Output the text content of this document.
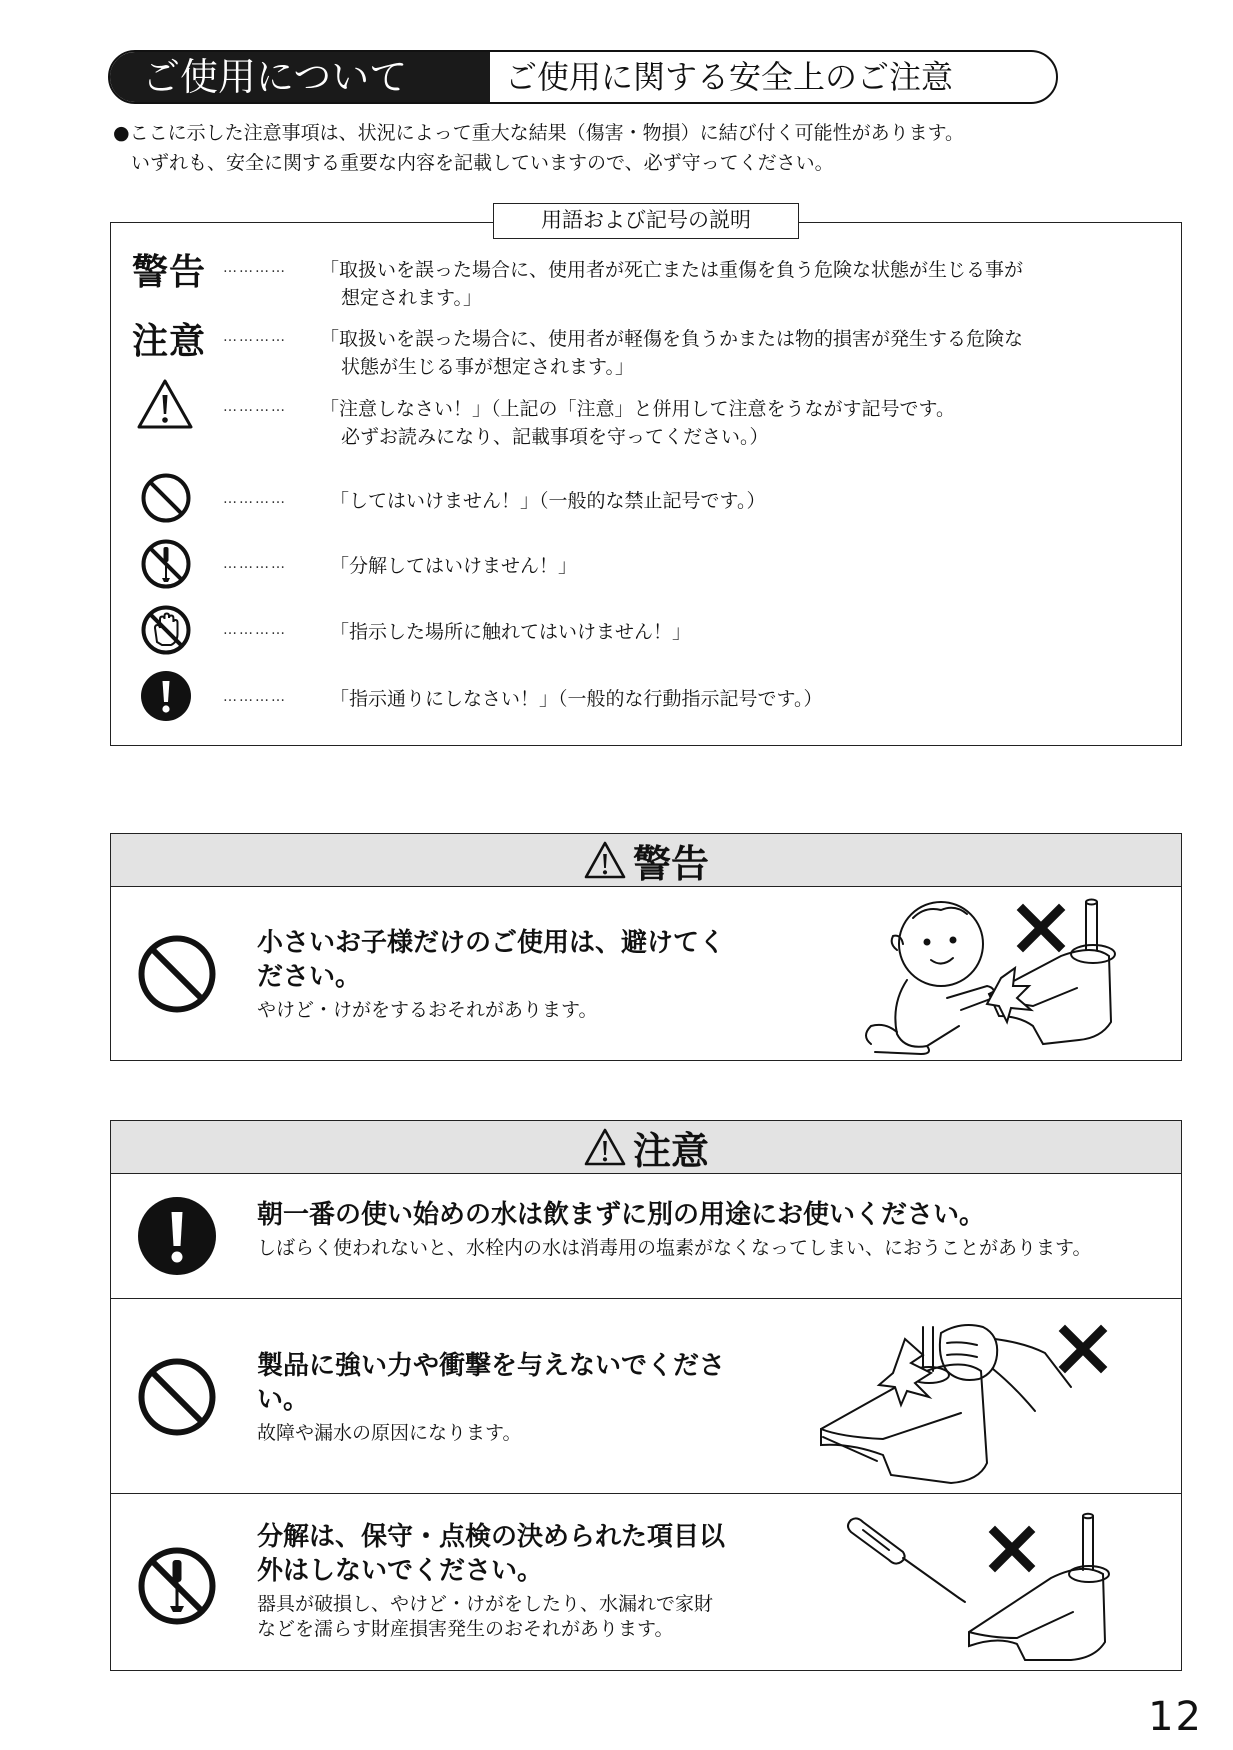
ご使用について	ご使用に関する安全上のご注意
●ここに示した注意事項は、状況によって重大な結果（傷害・物損）に結び付く可能性があります。
いずれも、安全に関する重要な内容を記載していますので、必ず守ってください。
用語および記号の説明
警告 ………… 「取扱いを誤った場合に、使用者が死亡または重傷を負う危険な状態が生じる事が
想定されます。」
注意 ………… 「取扱いを誤った場合に、使用者が軽傷を負うかまたは物的損害が発生する危険な
状態が生じる事が想定されます。」
………… 「注意しなさい！」（上記の「注意」と併用して注意をうながす記号です。
必ずお読みになり、記載事項を守ってください。）
………… 「してはいけません！」（一般的な禁止記号です。）
………… 「分解してはいけません！」
………… 「指示した場所に触れてはいけません！」
………… 「指示通りにしなさい！」（一般的な行動指示記号です。）
警告
小さいお子様だけのご使用は、避けてく
ださい。
やけど・けがをするおそれがあります。
注意
朝一番の使い始めの水は飲まずに別の用途にお使いください。
しばらく使われないと、水栓内の水は消毒用の塩素がなくなってしまい、におうことがあります。
製品に強い力や衝撃を与えないでくださ
い。
故障や漏水の原因になります。
分解は、保守・点検の決められた項目以
外はしないでください。
器具が破損し、やけど・けがをしたり、水漏れで家財
などを濡らす財産損害発生のおそれがあります。
12
